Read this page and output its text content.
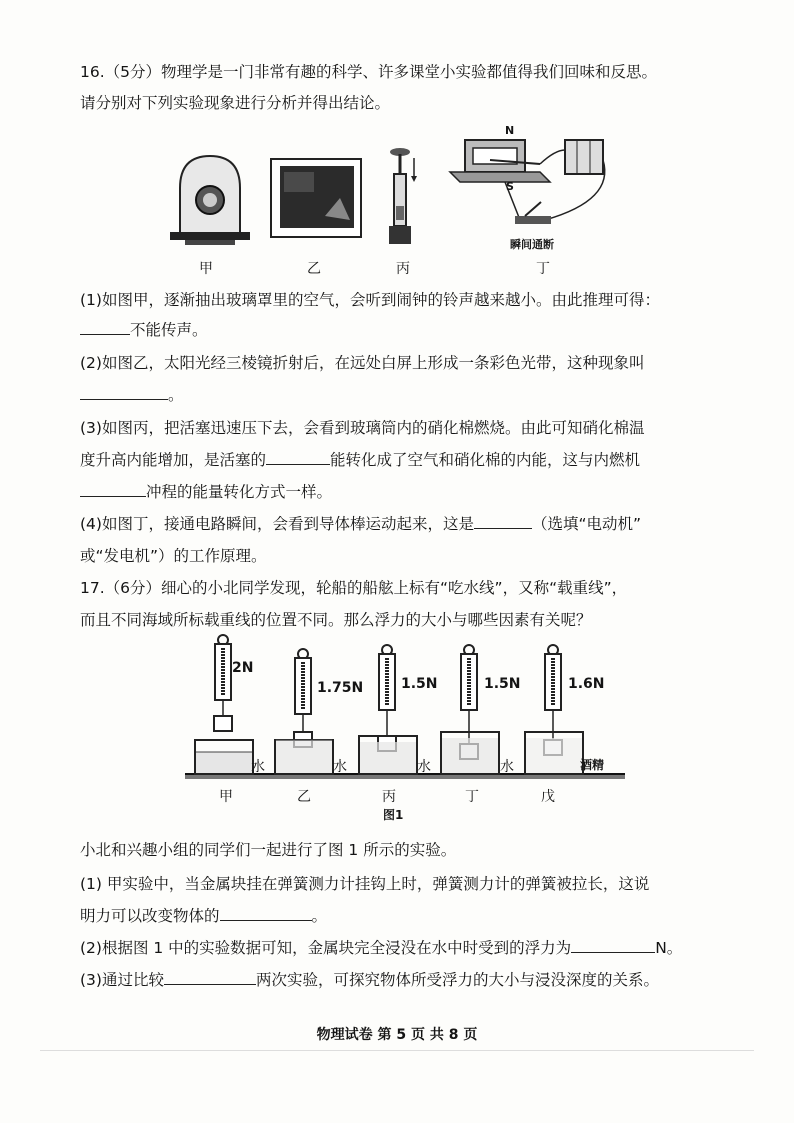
16.（5分）物理学是一门非常有趣的科学、许多课堂小实验都值得我们回味和反思。
请分别对下列实验现象进行分析并得出结论。
甲	乙	丙
N
S
瞬间通断
丁
(1)如图甲，逐渐抽出玻璃罩里的空气，会听到闹钟的铃声越来越小。由此推理可得：
不能传声。
(2)如图乙，太阳光经三棱镜折射后，在远处白屏上形成一条彩色光带，这种现象叫
。
(3)如图丙，把活塞迅速压下去，会看到玻璃筒内的硝化棉燃烧。由此可知硝化棉温
度升高内能增加，是活塞的	能转化成了空气和硝化棉的内能，这与内燃机
冲程的能量转化方式一样。
(4)如图丁，接通电路瞬间，会看到导体棒运动起来，这是	（选填“电动机”
或“发电机”）的工作原理。
17.（6分）细心的小北同学发现，轮船的船舷上标有“吃水线”，又称“载重线”，
而且不同海域所标载重线的位置不同。那么浮力的大小与哪些因素有关呢？
2N
1.75N	1.5N	1.5N	1.6N
水	水	水	水	酒精
甲	乙	丙	丁	戊
图1
小北和兴趣小组的同学们一起进行了图 1 所示的实验。
(1) 甲实验中，当金属块挂在弹簧测力计挂钩上时，弹簧测力计的弹簧被拉长，这说
明力可以改变物体的	。
(2)根据图 1 中的实验数据可知，金属块完全浸没在水中时受到的浮力为	N。
(3)通过比较	两次实验，可探究物体所受浮力的大小与浸没深度的关系。
物理试卷 第 5 页 共 8 页
